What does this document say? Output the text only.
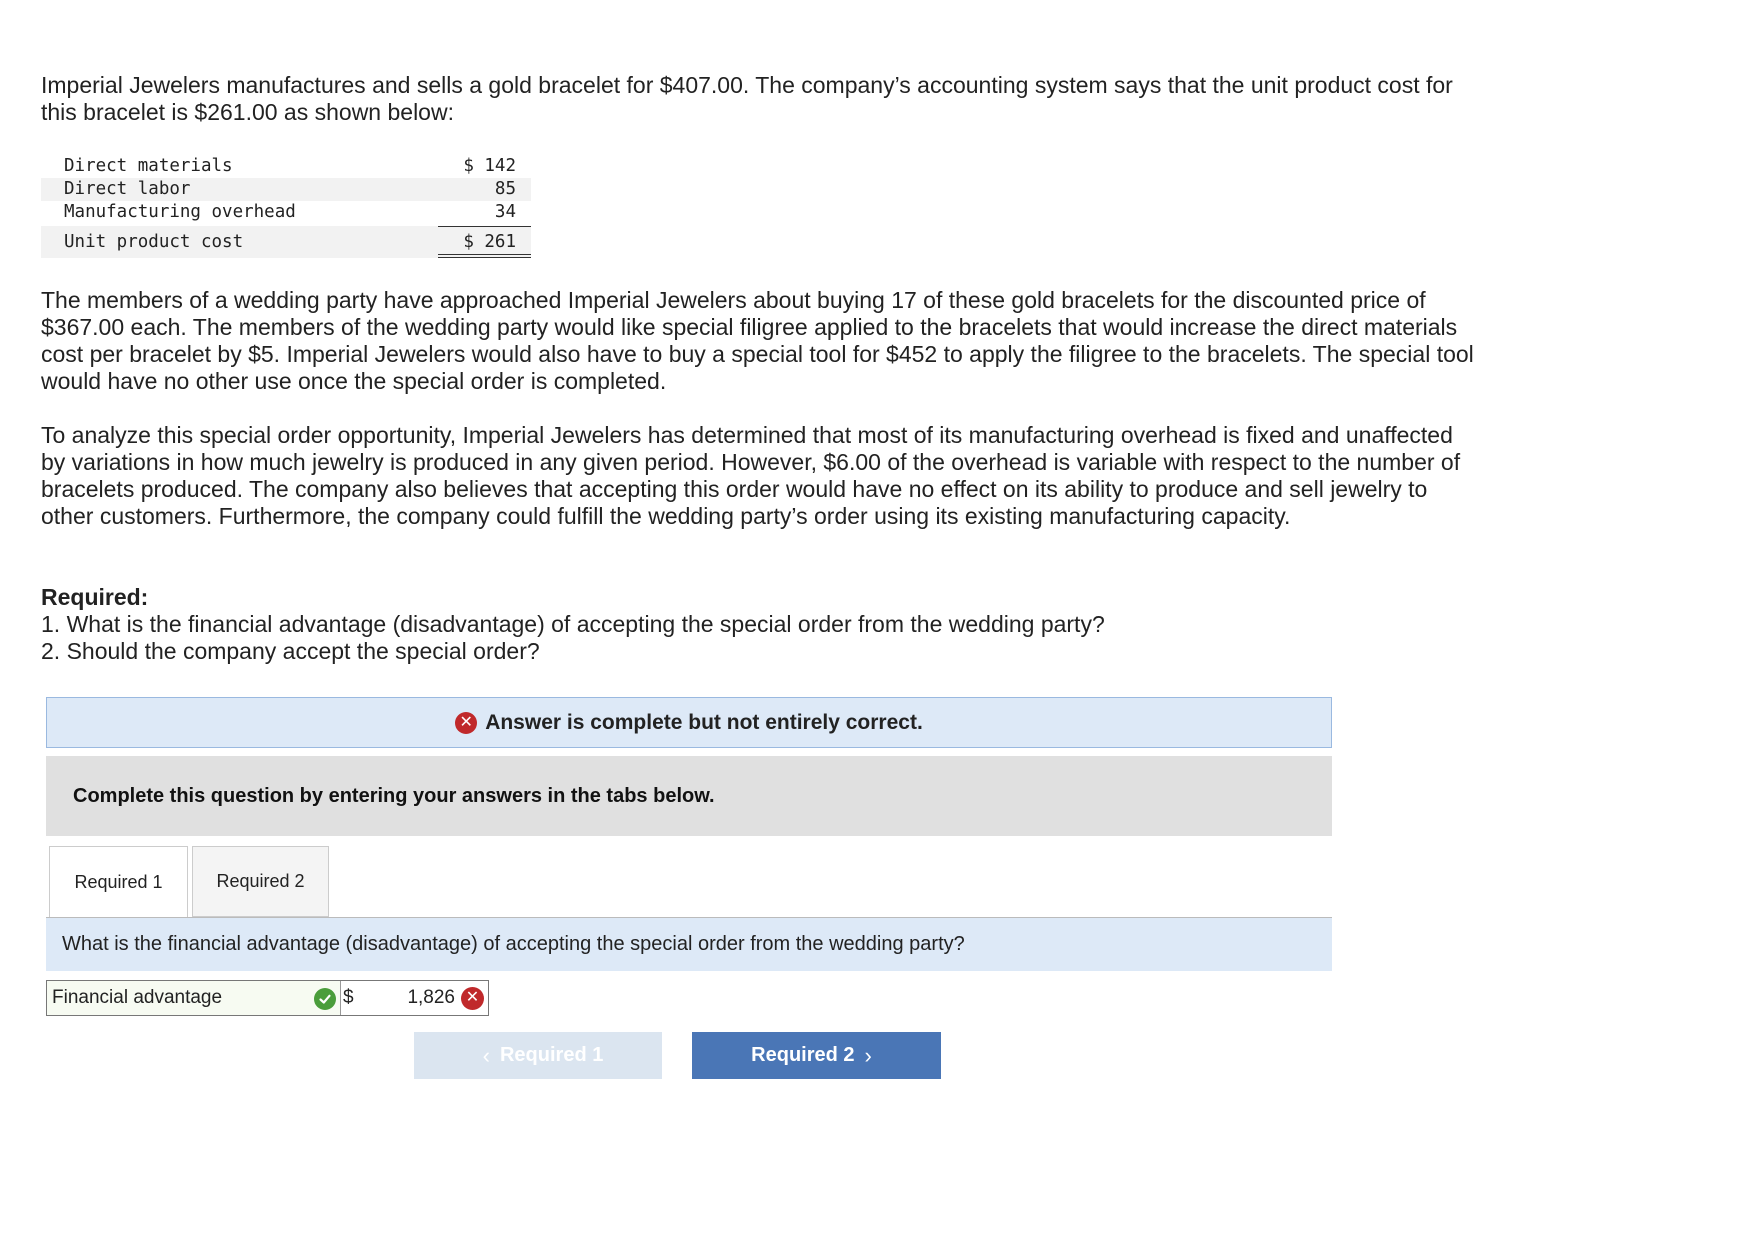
Imperial Jewelers manufactures and sells a gold bracelet for $407.00. The company’s accounting system says that the unit product cost for this bracelet is $261.00 as shown below:

Direct materials	$ 142
Direct labor	85
Manufacturing overhead	34
Unit product cost	$ 261

The members of a wedding party have approached Imperial Jewelers about buying 17 of these gold bracelets for the discounted price of $367.00 each. The members of the wedding party would like special filigree applied to the bracelets that would increase the direct materials cost per bracelet by $5. Imperial Jewelers would also have to buy a special tool for $452 to apply the filigree to the bracelets. The special tool would have no other use once the special order is completed.

To analyze this special order opportunity, Imperial Jewelers has determined that most of its manufacturing overhead is fixed and unaffected by variations in how much jewelry is produced in any given period. However, $6.00 of the overhead is variable with respect to the number of bracelets produced. The company also believes that accepting this order would have no effect on its ability to produce and sell jewelry to other customers. Furthermore, the company could fulfill the wedding party’s order using its existing manufacturing capacity.

Required:
1. What is the financial advantage (disadvantage) of accepting the special order from the wedding party?
2. Should the company accept the special order?
✕ Answer is complete but not entirely correct.
Complete this question by entering your answers in the tabs below.
Required 1	Required 2
What is the financial advantage (disadvantage) of accepting the special order from the wedding party?
Financial advantage	$	1,826 ✕
‹ Required 1	Required 2 ›
